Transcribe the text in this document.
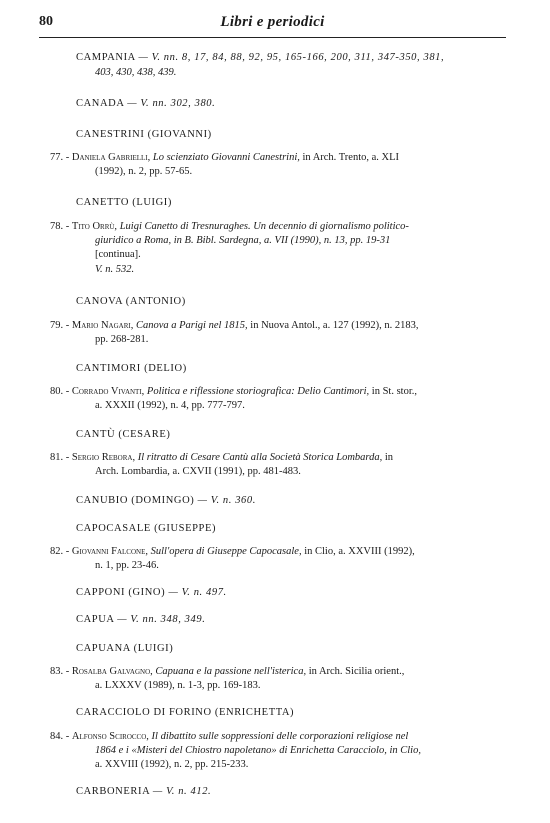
80	Libri e periodici
CAMPANIA — V. nn. 8, 17, 84, 88, 92, 95, 165-166, 200, 311, 347-350, 381,
403, 430, 438, 439.
CANADA — V. nn. 302, 380.
CANESTRINI (GIOVANNI)
77. - Daniela Gabrielli, Lo scienziato Giovanni Canestrini, in Arch. Trento, a. XLI
(1992), n. 2, pp. 57-65.
CANETTO (LUIGI)
78. - Tito Orrù, Luigi Canetto di Tresnuraghes. Un decennio di giornalismo politico-
giuridico a Roma, in B. Bibl. Sardegna, a. VII (1990), n. 13, pp. 19-31
[continua].
V. n. 532.
CANOVA (ANTONIO)
79. - Mario Nagari, Canova a Parigi nel 1815, in Nuova Antol., a. 127 (1992), n. 2183,
pp. 268-281.
CANTIMORI (DELIO)
80. - Corrado Vivanti, Politica e riflessione storiografica: Delio Cantimori, in St. stor.,
a. XXXII (1992), n. 4, pp. 777-797.
CANTÙ (CESARE)
81. - Sergio Rebora, Il ritratto di Cesare Cantù alla Società Storica Lombarda, in
Arch. Lombardia, a. CXVII (1991), pp. 481-483.
CANUBIO (DOMINGO) — V. n. 360.
CAPOCASALE (GIUSEPPE)
82. - Giovanni Falcone, Sull'opera di Giuseppe Capocasale, in Clio, a. XXVIII (1992),
n. 1, pp. 23-46.
CAPPONI (GINO) — V. n. 497.
CAPUA — V. nn. 348, 349.
CAPUANA (LUIGI)
83. - Rosalba Galvagno, Capuana e la passione nell'isterica, in Arch. Sicilia orient.,
a. LXXXV (1989), n. 1-3, pp. 169-183.
CARACCIOLO DI FORINO (ENRICHETTA)
84. - Alfonso Scirocco, Il dibattito sulle soppressioni delle corporazioni religiose nel
1864 e i «Misteri del Chiostro napoletano» di Enrichetta Caracciolo, in Clio,
a. XXVIII (1992), n. 2, pp. 215-233.
CARBONERIA — V. n. 412.
